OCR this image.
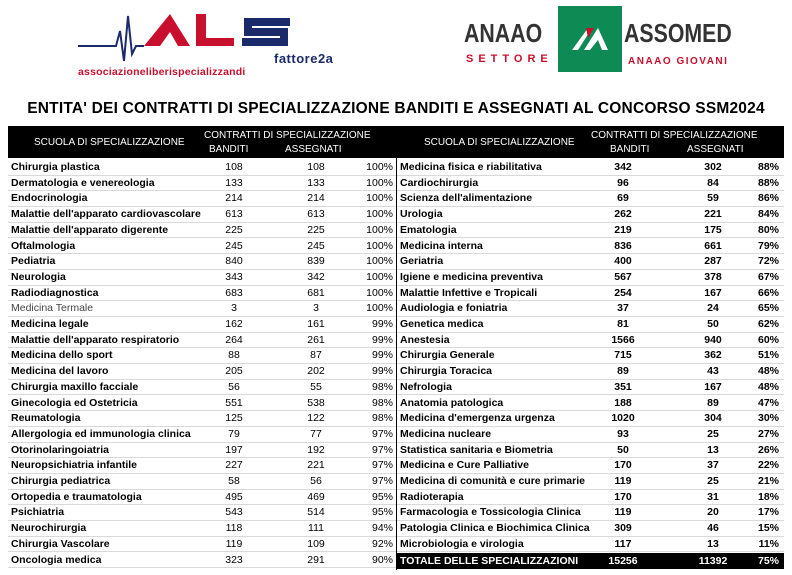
fattore2a
associazioneliberispecializzandi
ANAAO	ASSOMED
SETTORE	ANAAO GIOVANI
ENTITA' DEI CONTRATTI DI SPECIALIZZAZIONE BANDITI E ASSEGNATI AL CONCORSO SSM2024
SCUOLA DI SPECIALIZZAZIONE
CONTRATTI DI SPECIALIZZAZIONE
BANDITI	ASSEGNATI
SCUOLA DI SPECIALIZZAZIONE
CONTRATTI DI SPECIALIZZAZIONE
BANDITI	ASSEGNATI
Chirurgia plastica	108	108	100%
Dermatologia e venereologia	133	133	100%
Endocrinologia	214	214	100%
Malattie dell'apparato cardiovascolare	613	613	100%
Malattie dell'apparato digerente	225	225	100%
Oftalmologia	245	245	100%
Pediatria	840	839	100%
Neurologia	343	342	100%
Radiodiagnostica	683	681	100%
Medicina Termale	3	3	100%
Medicina legale	162	161	99%
Malattie dell'apparato respiratorio	264	261	99%
Medicina dello sport	88	87	99%
Medicina del lavoro	205	202	99%
Chirurgia maxillo facciale	56	55	98%
Ginecologia ed Ostetricia	551	538	98%
Reumatologia	125	122	98%
Allergologia ed immunologia clinica	79	77	97%
Otorinolaringoiatria	197	192	97%
Neuropsichiatria infantile	227	221	97%
Chirurgia pediatrica	58	56	97%
Ortopedia e traumatologia	495	469	95%
Psichiatria	543	514	95%
Neurochirurgia	118	111	94%
Chirurgia Vascolare	119	109	92%
Oncologia medica	323	291	90%
Medicina fisica e riabilitativa	342	302	88%
Cardiochirurgia	96	84	88%
Scienza dell'alimentazione	69	59	86%
Urologia	262	221	84%
Ematologia	219	175	80%
Medicina interna	836	661	79%
Geriatria	400	287	72%
Igiene e medicina preventiva	567	378	67%
Malattie Infettive e Tropicali	254	167	66%
Audiologia e foniatria	37	24	65%
Genetica medica	81	50	62%
Anestesia	1566	940	60%
Chirurgia Generale	715	362	51%
Chirurgia Toracica	89	43	48%
Nefrologia	351	167	48%
Anatomia patologica	188	89	47%
Medicina d'emergenza urgenza	1020	304	30%
Medicina nucleare	93	25	27%
Statistica sanitaria e Biometria	50	13	26%
Medicina e Cure Palliative	170	37	22%
Medicina di comunità e cure primarie	119	25	21%
Radioterapia	170	31	18%
Farmacologia e Tossicologia Clinica	119	20	17%
Patologia Clinica e Biochimica Clinica	309	46	15%
Microbiologia e virologia	117	13	11%
TOTALE DELLE SPECIALIZZAZIONI	15256	11392	75%
